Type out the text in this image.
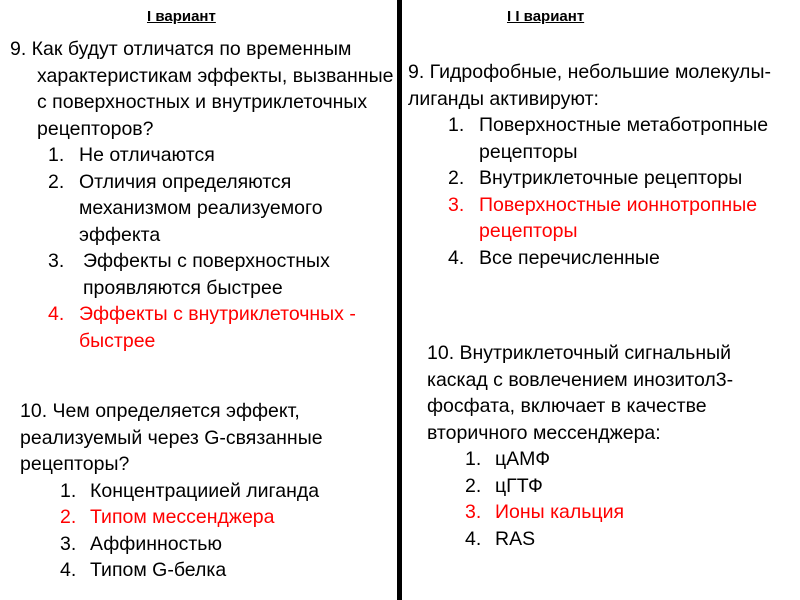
I вариант	I I вариант

9. Как будут отличатся по временным характеристикам эффекты, вызванные с поверхностных и внутриклеточных рецепторов?

1. Не отличаются
2. Отличия определяются механизмом реализуемого эффекта
3. Эффекты с поверхностных проявляются быстрее
4. Эффекты с внутриклеточных - быстрее

10. Чем определяется эффект, реализуемый через G-связанные рецепторы?

1. Концентрациией лиганда
2. Типом мессенджера
3. Аффинностью
4. Типом G-белка

9. Гидрофобные, небольшие молекулы-лиганды активируют:

1. Поверхностные метаботропные рецепторы
2. Внутриклеточные рецепторы
3. Поверхностные ионнотропные рецепторы
4. Все перечисленные

10. Внутриклеточный сигнальный каскад с вовлечением инозитол3-фосфата, включает в качестве вторичного мессенджера:

1. цАМФ
2. цГТФ
3. Ионы кальция
4. RAS
